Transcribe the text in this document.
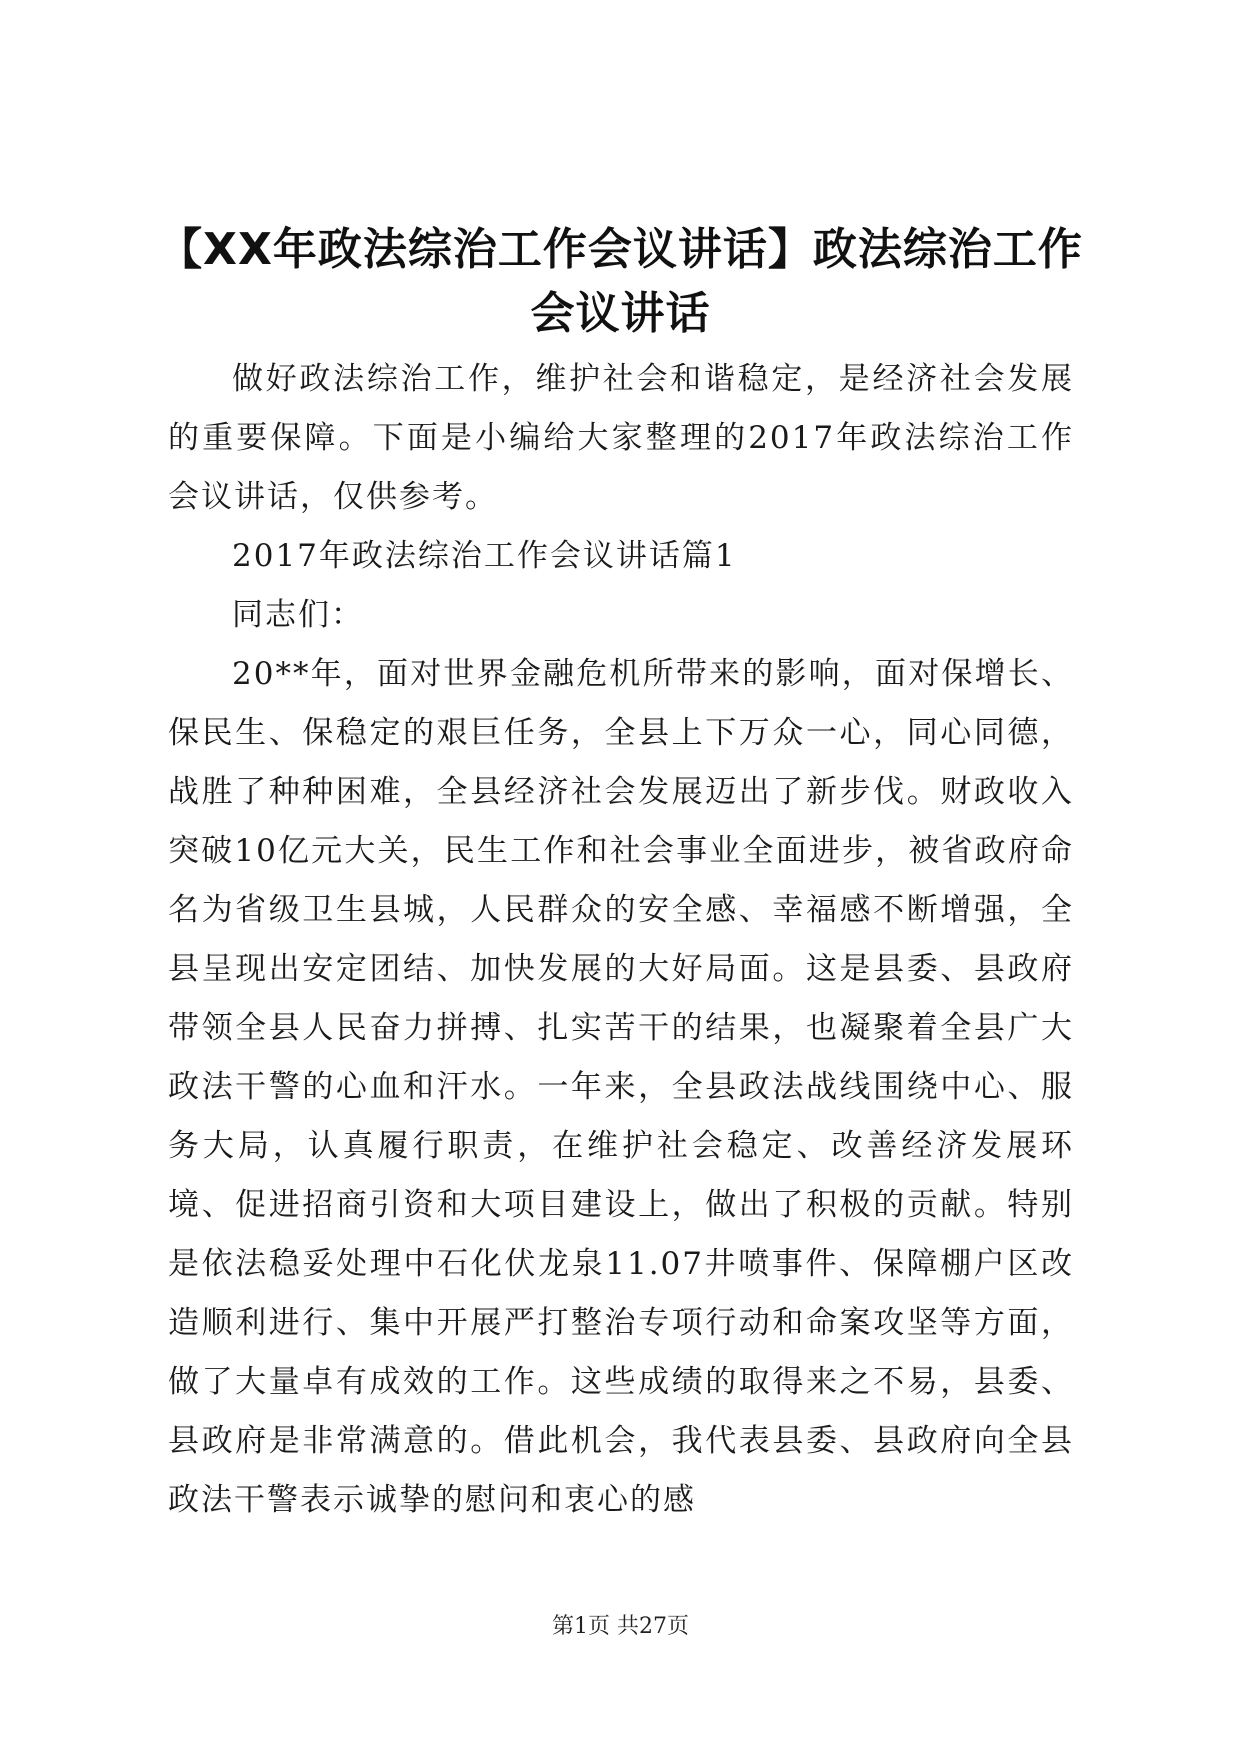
【XX年政法综治工作会议讲话】政法综治工作会议讲话

做好政法综治工作，维护社会和谐稳定，是经济社会发展的重要保障。下面是小编给大家整理的2017年政法综治工作会议讲话，仅供参考。

2017年政法综治工作会议讲话篇1

同志们：

20**年，面对世界金融危机所带来的影响，面对保增长、保民生、保稳定的艰巨任务，全县上下万众一心，同心同德，战胜了种种困难，全县经济社会发展迈出了新步伐。财政收入突破10亿元大关，民生工作和社会事业全面进步，被省政府命名为省级卫生县城，人民群众的安全感、幸福感不断增强，全县呈现出安定团结、加快发展的大好局面。这是县委、县政府带领全县人民奋力拼搏、扎实苦干的结果，也凝聚着全县广大政法干警的心血和汗水。一年来，全县政法战线围绕中心、服务大局，认真履行职责，在维护社会稳定、改善经济发展环境、促进招商引资和大项目建设上，做出了积极的贡献。特别是依法稳妥处理中石化伏龙泉11.07井喷事件、保障棚户区改造顺利进行、集中开展严打整治专项行动和命案攻坚等方面，做了大量卓有成效的工作。这些成绩的取得来之不易，县委、县政府是非常满意的。借此机会，我代表县委、县政府向全县政法干警表示诚挚的慰问和衷心的感

第1页 共27页
